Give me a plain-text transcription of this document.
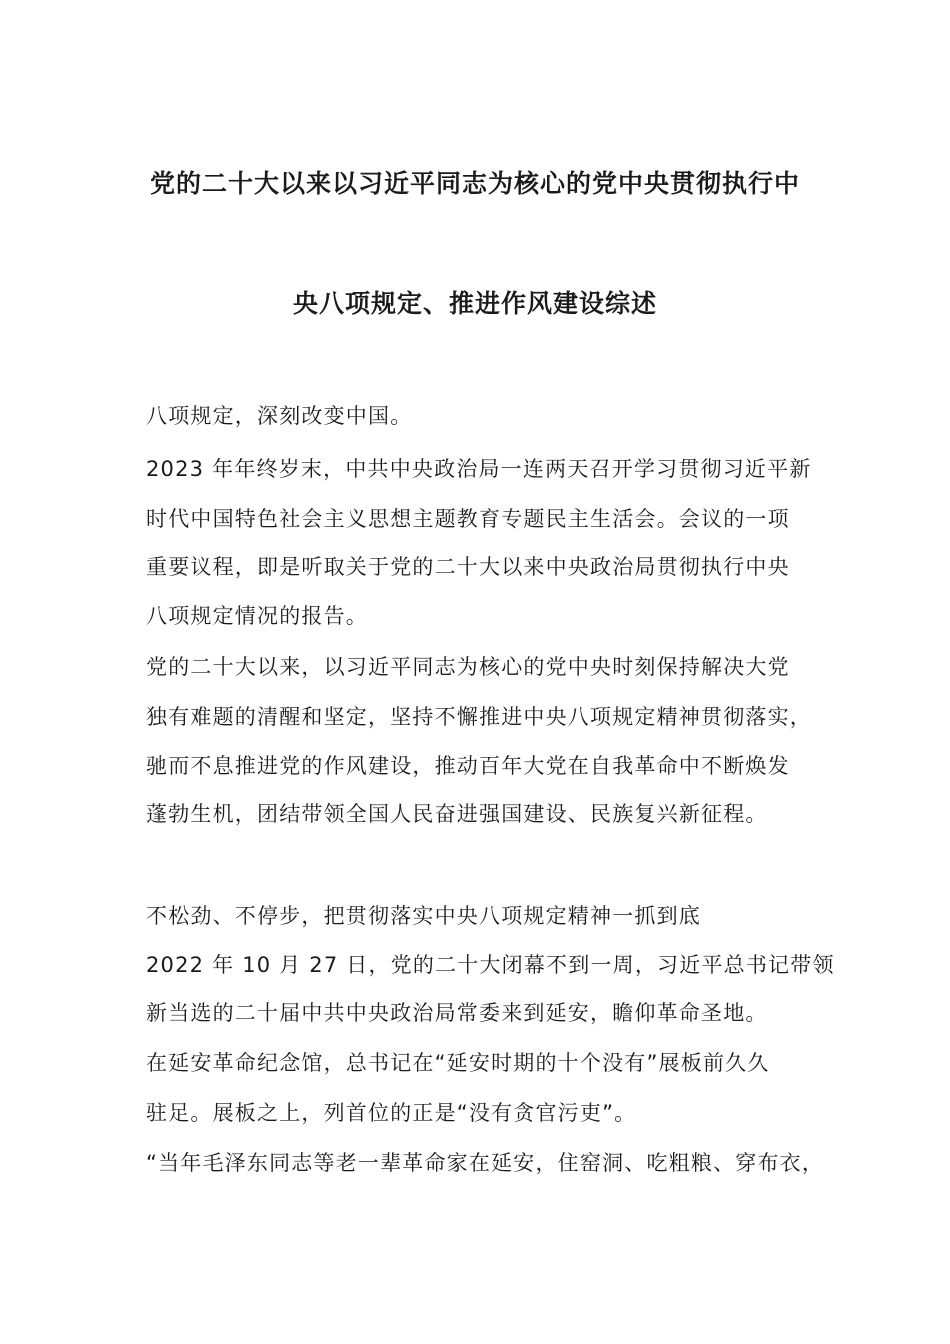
党的二十大以来以习近平同志为核心的党中央贯彻执行中
央八项规定、推进作风建设综述
八项规定，深刻改变中国。
2023 年年终岁末，中共中央政治局一连两天召开学习贯彻习近平新
时代中国特色社会主义思想主题教育专题民主生活会。会议的一项
重要议程，即是听取关于党的二十大以来中央政治局贯彻执行中央
八项规定情况的报告。
党的二十大以来，以习近平同志为核心的党中央时刻保持解决大党
独有难题的清醒和坚定，坚持不懈推进中央八项规定精神贯彻落实，
驰而不息推进党的作风建设，推动百年大党在自我革命中不断焕发
蓬勃生机，团结带领全国人民奋进强国建设、民族复兴新征程。
不松劲、不停步，把贯彻落实中央八项规定精神一抓到底
2022 年 10 月 27 日，党的二十大闭幕不到一周，习近平总书记带领
新当选的二十届中共中央政治局常委来到延安，瞻仰革命圣地。
在延安革命纪念馆，总书记在“延安时期的十个没有”展板前久久
驻足。展板之上，列首位的正是“没有贪官污吏”。
“当年毛泽东同志等老一辈革命家在延安，住窑洞、吃粗粮、穿布衣，
